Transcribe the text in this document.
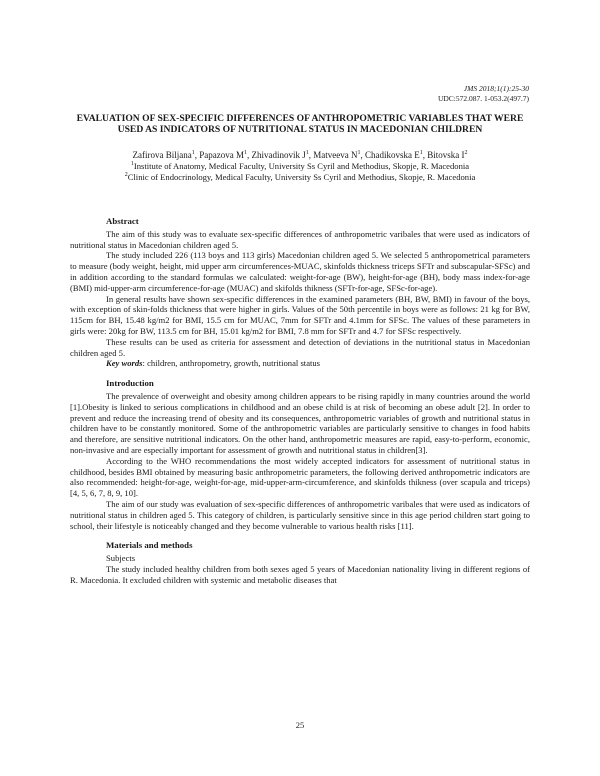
JMS 2018;1(1):25-30
UDC:572.087. 1-053.2(497.7)
EVALUATION OF SEX-SPECIFIC DIFFERENCES OF ANTHROPOMETRIC VARIABLES THAT WERE USED AS INDICATORS OF NUTRITIONAL STATUS IN MACEDONIAN CHILDREN
Zafirova Biljana$^1$, Papazova $M^1$, Zhivadinovik $J^1$, Matveeva $N^1$, Chadikovska $E^1$, Bitovska $I^2$
$^1$Institute of Anatomy, Medical Faculty, University Ss Cyril and Methodius, Skopje, R. Macedonia
$^2$Clinic of Endocrinology, Medical Faculty, University Ss Cyril and Methodius, Skopje, R. Macedonia
Abstract

The aim of this study was to evaluate sex-specific differences of anthropometric varibales that were used as indicators of nutritional status in Macedonian children aged 5.

The study included 226 (113 boys and 113 girls) Macedonian children aged 5. We selected 5 anthropometrical parameters to measure (body weight, height, mid upper arm circumferences-MUAC, skinfolds thickness triceps SFTr and subscapular-SFSc) and in addition according to the standard formulas we calculated: weight-for-age (BW), height-for-age (BH), body mass index-for-age (BMI) mid-upper-arm circumference-for-age (MUAC) and skifolds thikness (SFTr-for-age, SFSc-for-age).

In general results have shown sex-specific differences in the examined parameters (BH, BW, BMI) in favour of the boys, with exception of skin-folds thickness that were higher in girls. Values of the 50th percentile in boys were as follows: 21 kg for BW, 115cm for BH, 15.48 kg/m2 for BMI, 15.5 cm for MUAC, 7mm for SFTr and 4.1mm for SFSc. The values of these parameters in girls were: 20kg for BW, 113.5 cm for BH, 15.01 kg/m2 for BMI, 7.8 mm for SFTr and 4.7 for SFSc respectively.

These results can be used as criteria for assessment and detection of deviations in the nutritional status in Macedonian children aged 5.

Key words: children, anthropometry, growth, nutritional status

Introduction

The prevalence of overweight and obesity among children appears to be rising rapidly in many countries around the world [1].Obesity is linked to serious complications in childhood and an obese child is at risk of becoming an obese adult [2]. In order to prevent and reduce the increasing trend of obesity and its consequences, anthropometric variables of growth and nutritional status in children have to be constantly monitored. Some of the anthropometric variables are particularly sensitive to changes in food habits and therefore, are sensitive nutritional indicators. On the other hand, anthropometric measures are rapid, easy-to-perform, economic, non-invasive and are especially important for assessment of growth and nutritional status in children[3].

According to the WHO recommendations the most widely accepted indicators for assessment of nutritional status in childhood, besides BMI obtained by measuring basic anthropometric parameters, the following derived anthropometric indicators are also recommended: height-for-age, weight-for-age, mid-upper-arm-circumference, and skinfolds thikness (over scapula and triceps) [4, 5, 6, 7, 8, 9, 10].

The aim of our study was evaluation of sex-specific differences of anthropometric varibales that were used as indicators of nutritional status in children aged 5. This category of children, is particularly sensitive since in this age period children start going to school, their lifestyle is noticeably changed and they become vulnerable to various health risks [11].

Materials and methods

Subjects

The study included healthy children from both sexes aged 5 years of Macedonian nationality living in different regions of R. Macedonia. It excluded children with systemic and metabolic diseases that

25
